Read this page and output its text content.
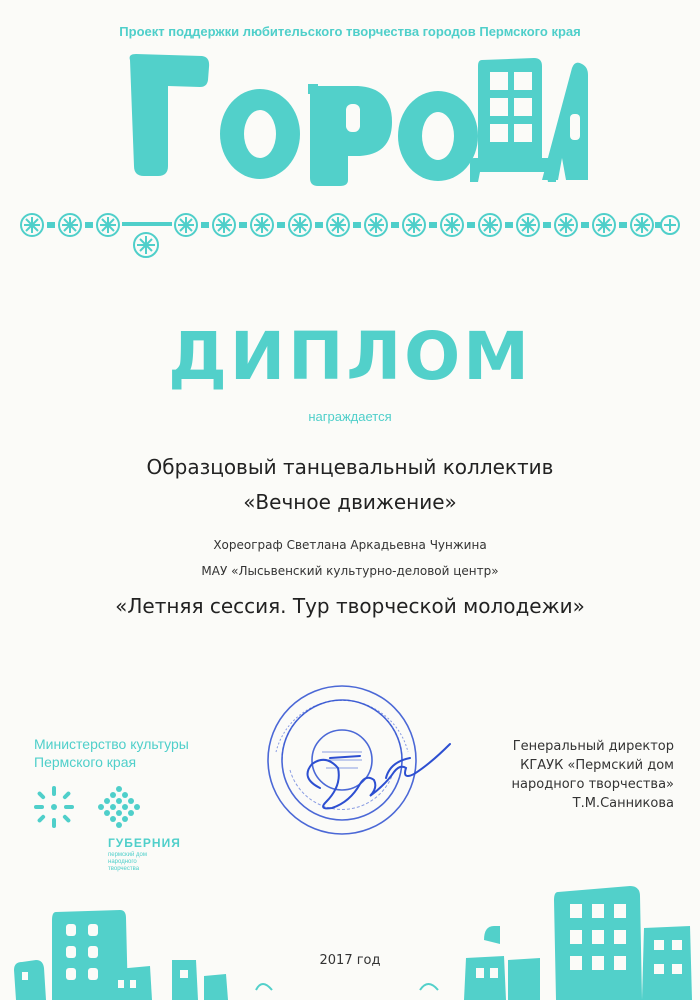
Проект поддержки любительского творчества городов Пермского края
ДИПЛОМ
награждается
Образцовый танцевальный коллектив
«Вечное движение»
Хореограф Светлана Аркадьевна Чунжина
МАУ «Лысьвенский культурно-деловой центр»
«Летняя сессия. Тур творческой молодежи»
Министерство культуры
Пермского края
ГУБЕРНИЯ
пермский дом народного творчества
Генеральный директор
КГАУК «Пермский дом
народного творчества»
Т.М.Санникова
2017 год
